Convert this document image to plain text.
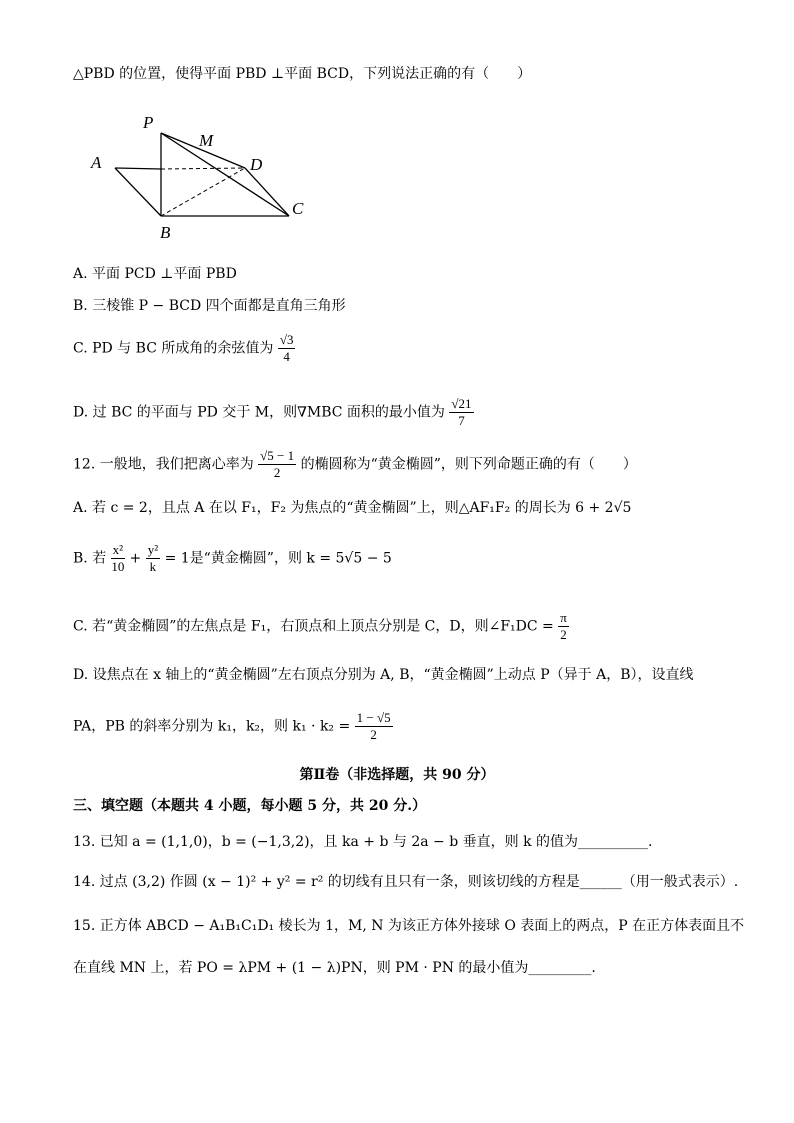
△PBD 的位置，使得平面 PBD ⊥平面 BCD，下列说法正确的有（　　）
P
M
A	D
C
B
A. 平面 PCD ⊥平面 PBD
B. 三棱锥 P − BCD 四个面都是直角三角形
C. PD 与 BC 所成角的余弦值为 $\frac{√3}{4}$
D. 过 BC 的平面与 PD 交于 M，则∇MBC 面积的最小值为 $\frac{√21}{7}$
12. 一般地，我们把离心率为 $\frac{√5 - 1}{2}$ 的椭圆称为“黄金椭圆”，则下列命题正确的有（　　）
A. 若 c = 2，且点 A 在以 F₁，F₂ 为焦点的“黄金椭圆”上，则△AF₁F₂ 的周长为 6 + 2√5
B. 若 $\frac{\text{x²}}{10} + \frac{\text{y²}}{k} = 1$是“黄金椭圆”，则 k = 5√5 − 5
C. 若“黄金椭圆”的左焦点是 F₁，右顶点和上顶点分别是 C，D，则∠F₁DC = $\frac{\pi}{2}$
D. 设焦点在 x 轴上的“黄金椭圆”左右顶点分别为 A, B，“黄金椭圆”上动点 P（异于 A，B），设直线
PA，PB 的斜率分别为 k₁，k₂，则 $k_1 \cdot k_2 = \frac{1 - √5}{2}$
第Ⅱ卷（非选择题，共 90 分）
三、填空题（本题共 4 小题，每小题 5 分，共 20 分.）
13. 已知 a = (1,1,0)，b = (−1,3,2)，且 ka + b 与 2a − b 垂直，则 k 的值为__________.
14. 过点 (3,2) 作圆 (x − 1)² + y² = r² 的切线有且只有一条，则该切线的方程是______（用一般式表示）.
15. 正方体 ABCD − A₁B₁C₁D₁ 棱长为 1，M, N 为该正方体外接球 O 表面上的两点，P 在正方体表面且不
在直线 MN 上，若 PO = λPM + (1 − λ)PN，则 PM · PN 的最小值为_________.
